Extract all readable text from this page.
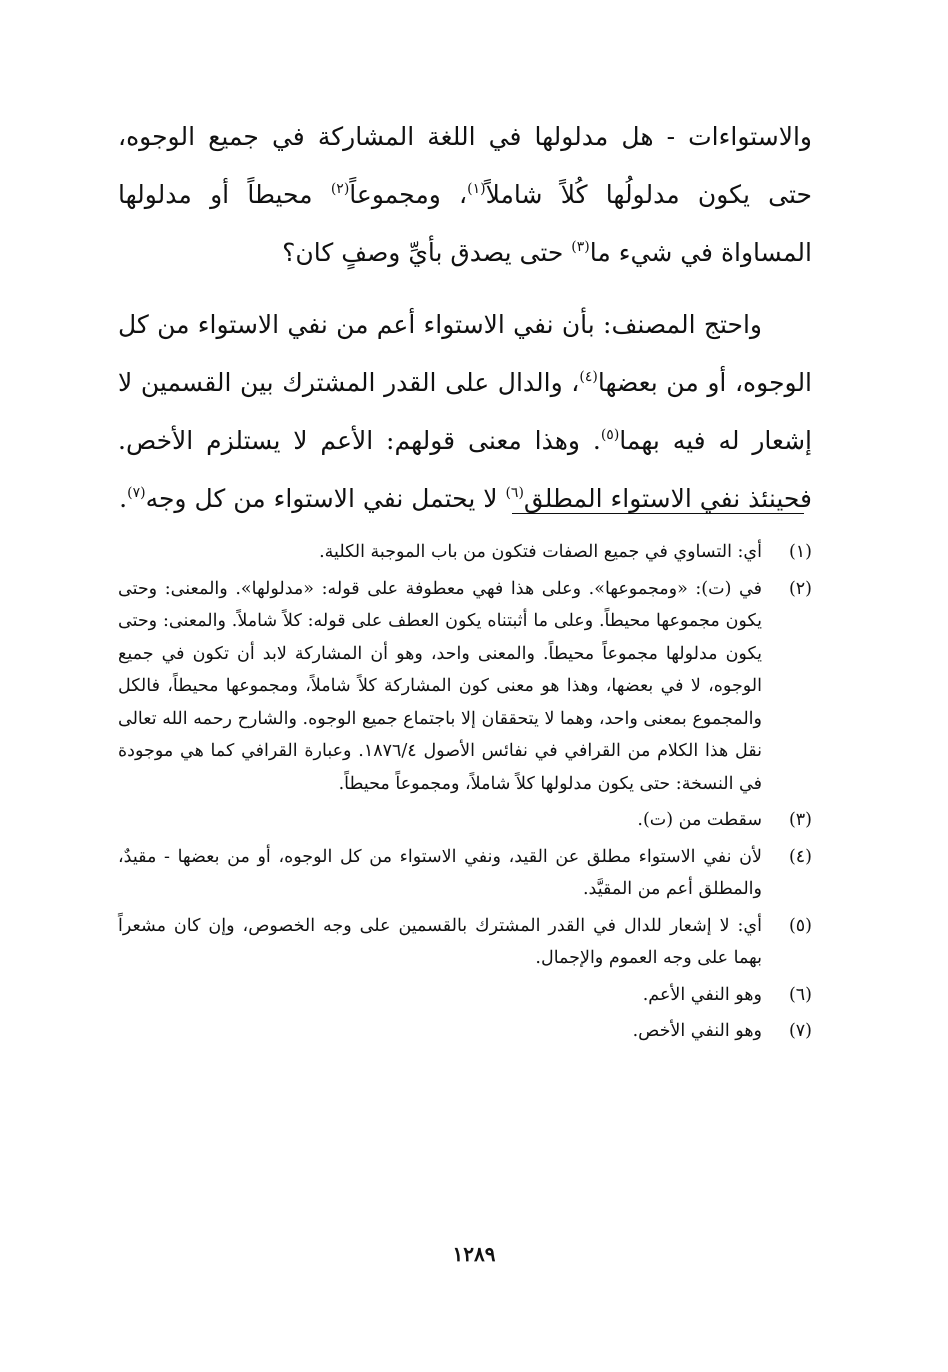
والاستواءات - هل مدلولها في اللغة المشاركة في جميع الوجوه، حتى يكون مدلولُها كُلاً شاملاً$^{(١)}$، ومجموعاً$^{(٢)}$ محيطاً أو مدلولها المساواة في شيء ما$^{(٣)}$ حتى يصدق بأيِّ وصفٍ كان؟

واحتج المصنف: بأن نفي الاستواء أعم من نفي الاستواء من كل الوجوه، أو من بعضها$^{(٤)}$، والدال على القدر المشترك بين القسمين لا إشعار له فيه بهما$^{(٥)}$. وهذا معنى قولهم: الأعم لا يستلزم الأخص. فحينئذ نفي الاستواء المطلق$^{(٦)}$ لا يحتمل نفي الاستواء من كل وجه$^{(٧)}$.

(١)
أي: التساوي في جميع الصفات فتكون من باب الموجبة الكلية.
(٢)
في (ت): «ومجموعها». وعلى هذا فهي معطوفة على قوله: «مدلولها». والمعنى: وحتى يكون مجموعها محيطاً. وعلى ما أثبتناه يكون العطف على قوله: كلاً شاملاً. والمعنى: وحتى يكون مدلولها مجموعاً محيطاً. والمعنى واحد، وهو أن المشاركة لابد أن تكون في جميع الوجوه، لا في بعضها، وهذا هو معنى كون المشاركة كلاً شاملاً، ومجموعها محيطاً، فالكل والمجموع بمعنى واحد، وهما لا يتحققان إلا باجتماع جميع الوجوه. والشارح رحمه الله تعالى نقل هذا الكلام من القرافي في نفائس الأصول ١٨٧٦/٤. وعبارة القرافي كما هي موجودة في النسخة: حتى يكون مدلولها كلاً شاملاً، ومجموعاً محيطاً.
(٣)
سقطت من (ت).
(٤)
لأن نفي الاستواء مطلق عن القيد، ونفي الاستواء من كل الوجوه، أو من بعضها - مقيدٌ، والمطلق أعم من المقيَّد.
(٥)
أي: لا إشعار للدال في القدر المشترك بالقسمين على وجه الخصوص، وإن كان مشعراً بهما على وجه العموم والإجمال.
(٦)
وهو النفي الأعم.
(٧)
وهو النفي الأخص.
١٢٨٩
